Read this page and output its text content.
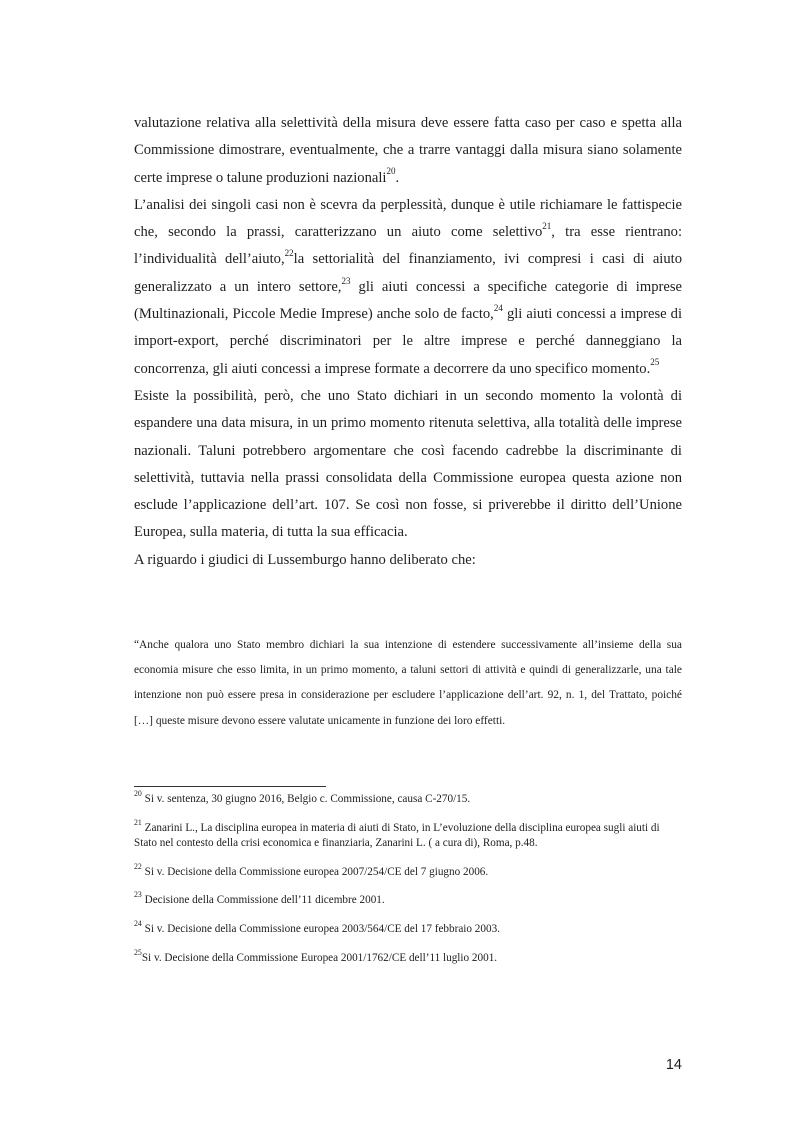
valutazione relativa alla selettività della misura deve essere fatta caso per caso e spetta alla Commissione dimostrare, eventualmente, che a trarre vantaggi dalla misura siano solamente certe imprese o talune produzioni nazionali$^{20}$.

L’analisi dei singoli casi non è scevra da perplessità, dunque è utile richiamare le fattispecie che, secondo la prassi, caratterizzano un aiuto come selettivo$^{21}$, tra esse rientrano: l’individualità dell’aiuto,$^{22}$la settorialità del finanziamento, ivi compresi i casi di aiuto generalizzato a un intero settore,$^{23}$ gli aiuti concessi a specifiche categorie di imprese (Multinazionali, Piccole Medie Imprese) anche solo de facto,$^{24}$ gli aiuti concessi a imprese di import-export, perché discriminatori per le altre imprese e perché danneggiano la concorrenza, gli aiuti concessi a imprese formate a decorrere da uno specifico momento.$^{25}$

Esiste la possibilità, però, che uno Stato dichiari in un secondo momento la volontà di espandere una data misura, in un primo momento ritenuta selettiva, alla totalità delle imprese nazionali. Taluni potrebbero argomentare che così facendo cadrebbe la discriminante di selettività, tuttavia nella prassi consolidata della Commissione europea questa azione non esclude l’applicazione dell’art. 107. Se così non fosse, si priverebbe il diritto dell’Unione Europea, sulla materia, di tutta la sua efficacia.

A riguardo i giudici di Lussemburgo hanno deliberato che:

“Anche qualora uno Stato membro dichiari la sua intenzione di estendere successivamente all’insieme della sua economia misure che esso limita, in un primo momento, a taluni settori di attività e quindi di generalizzarle, una tale intenzione non può essere presa in considerazione per escludere l’applicazione dell’art. 92, n. 1, del Trattato, poiché […] queste misure devono essere valutate unicamente in funzione dei loro effetti.

$^{20}$ Si v. sentenza, 30 giugno 2016, Belgio c. Commissione, causa C-270/15.

$^{21}$ Zanarini L., La disciplina europea in materia di aiuti di Stato, in L’evoluzione della disciplina europea sugli aiuti di Stato nel contesto della crisi economica e finanziaria, Zanarini L. ( a cura di), Roma, p.48.

$^{22}$ Si v. Decisione della Commissione europea 2007/254/CE del 7 giugno 2006.

$^{23}$ Decisione della Commissione dell’11 dicembre 2001.

$^{24}$ Si v. Decisione della Commissione europea 2003/564/CE del 17 febbraio 2003.

$^{25}$Si v. Decisione della Commissione Europea 2001/1762/CE dell’11 luglio 2001.

14
